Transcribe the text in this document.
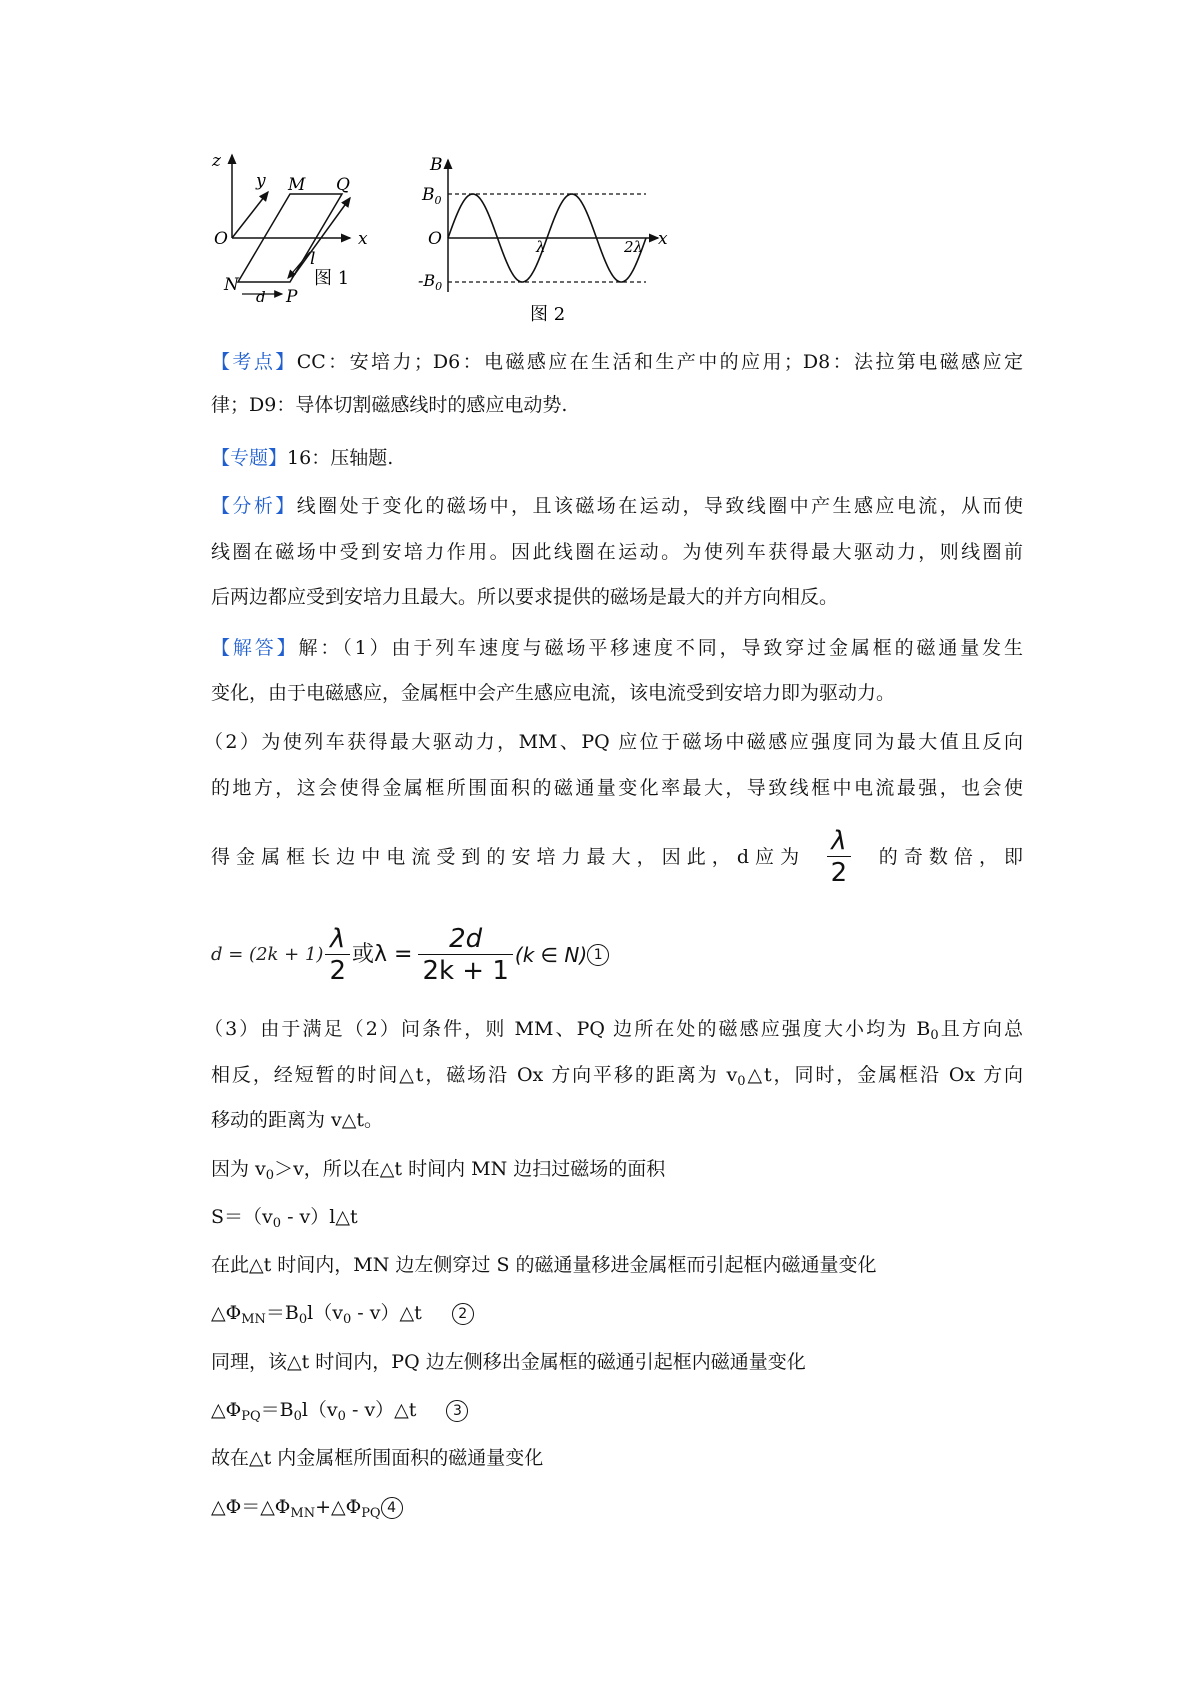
z
y
x
O
M Q
N
P
l
d
图 1
B
$B_0$
O
$-B_0$
λ	2λ x
图 2
【考点】CC：安培力；D6：电磁感应在生活和生产中的应用；D8：法拉第电磁感应定
律；D9：导体切割磁感线时的感应电动势.
【专题】16：压轴题.
【分析】线圈处于变化的磁场中，且该磁场在运动，导致线圈中产生感应电流，从而使
线圈在磁场中受到安培力作用。因此线圈在运动。为使列车获得最大驱动力，则线圈前
后两边都应受到安培力且最大。所以要求提供的磁场是最大的并方向相反。
【解答】解：（1）由于列车速度与磁场平移速度不同，导致穿过金属框的磁通量发生
变化，由于电磁感应，金属框中会产生感应电流，该电流受到安培力即为驱动力。
（2）为使列车获得最大驱动力，MM、PQ 应位于磁场中磁感应强度同为最大值且反向
的地方，这会使得金属框所围面积的磁通量变化率最大，导致线框中电流最强，也会使
得 金 属 框 长 边 中 电 流 受 到 的 安 培 力 最 大 ， 因 此 ， d 应 为 $\frac{\lambda}{2}$ 的 奇 数 倍 ， 即
$d = (2k + 1) \frac{\lambda}{2}$ 或$\lambda = \frac{2d}{2k + 1} (k$ ∈ N) 1
（3）由于满足（2）问条件，则 MM、PQ 边所在处的磁感应强度大小均为 $B_0$且方向总
相反，经短暂的时间△t，磁场沿 Ox 方向平移的距离为 $v_0\triangle t$，同时，金属框沿 Ox 方向
移动的距离为 v△t。
因为 $v_0>v$，所以在△t 时间内 MN 边扫过磁场的面积
$S=(v_0$ - v）l△t
在此△t 时间内，MN 边左侧穿过 S 的磁通量移进金属框而引起框内磁通量变化
$\triangle\Phi_{MN}=B_0l(v_0$ - v）△t	2
同理，该△t 时间内，PQ 边左侧移出金属框的磁通引起框内磁通量变化
$\triangle\Phi_{PQ}=B_0l(v_0$ - v）△t	3
故在△t 内金属框所围面积的磁通量变化
$\triangle\Phi=\triangle\Phi_{MN}+\triangle\Phi_{PQ}$ 4
